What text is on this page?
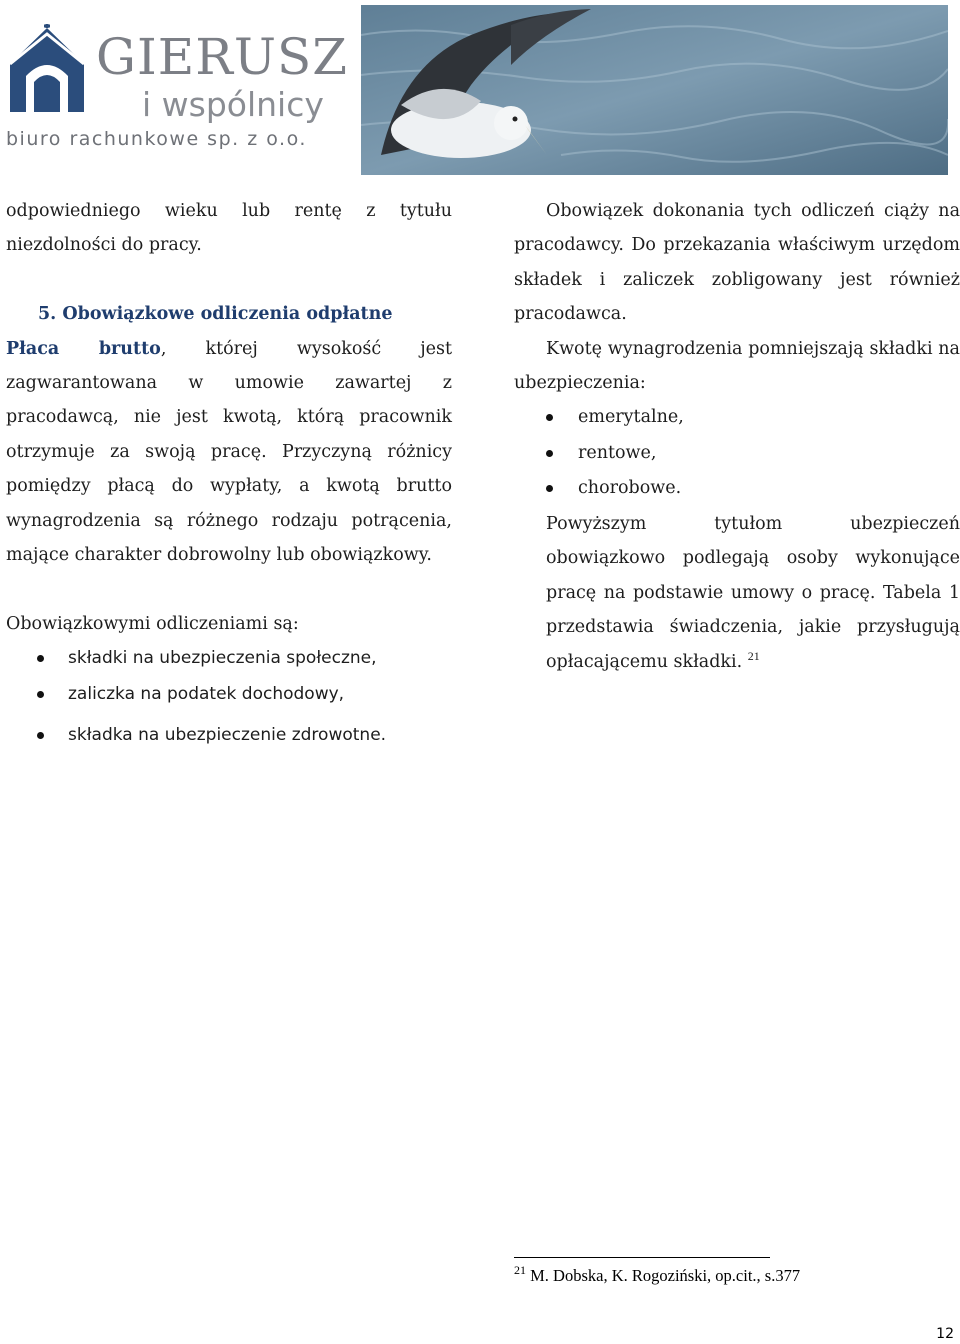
GIERUSZ

i wspólnicy

biuro rachunkowe sp. z o.o.

odpowiedniego wieku lub rentę z tytułu niezdolności do pracy.

5. Obowiązkowe odliczenia odpłatne

Płaca brutto, której wysokość jest zagwarantowana w umowie zawartej z pracodawcą, nie jest kwotą, którą pracownik otrzymuje za swoją pracę. Przyczyną różnicy pomiędzy płacą do wypłaty, a kwotą brutto wynagrodzenia są różnego rodzaju potrącenia, mające charakter dobrowolny lub obowiązkowy.

Obowiązkowymi odliczeniami są:

składki na ubezpieczenia społeczne,
zaliczka na podatek dochodowy,
składka na ubezpieczenie zdrowotne.

Obowiązek dokonania tych odliczeń ciąży na pracodawcy. Do przekazania właściwym urzędom składek i zaliczek zobligowany jest również pracodawca.

Kwotę wynagrodzenia pomniejszają składki na ubezpieczenia:

emerytalne,
rentowe,
chorobowe.

Powyższym tytułom ubezpieczeń obowiązkowo podlegają osoby wykonujące pracę na podstawie umowy o pracę. Tabela 1 przedstawia świadczenia, jakie przysługują opłacającemu składki. $^{21}$

$^{21}$ M. Dobska, K. Rogoziński, op.cit., s.377

12
